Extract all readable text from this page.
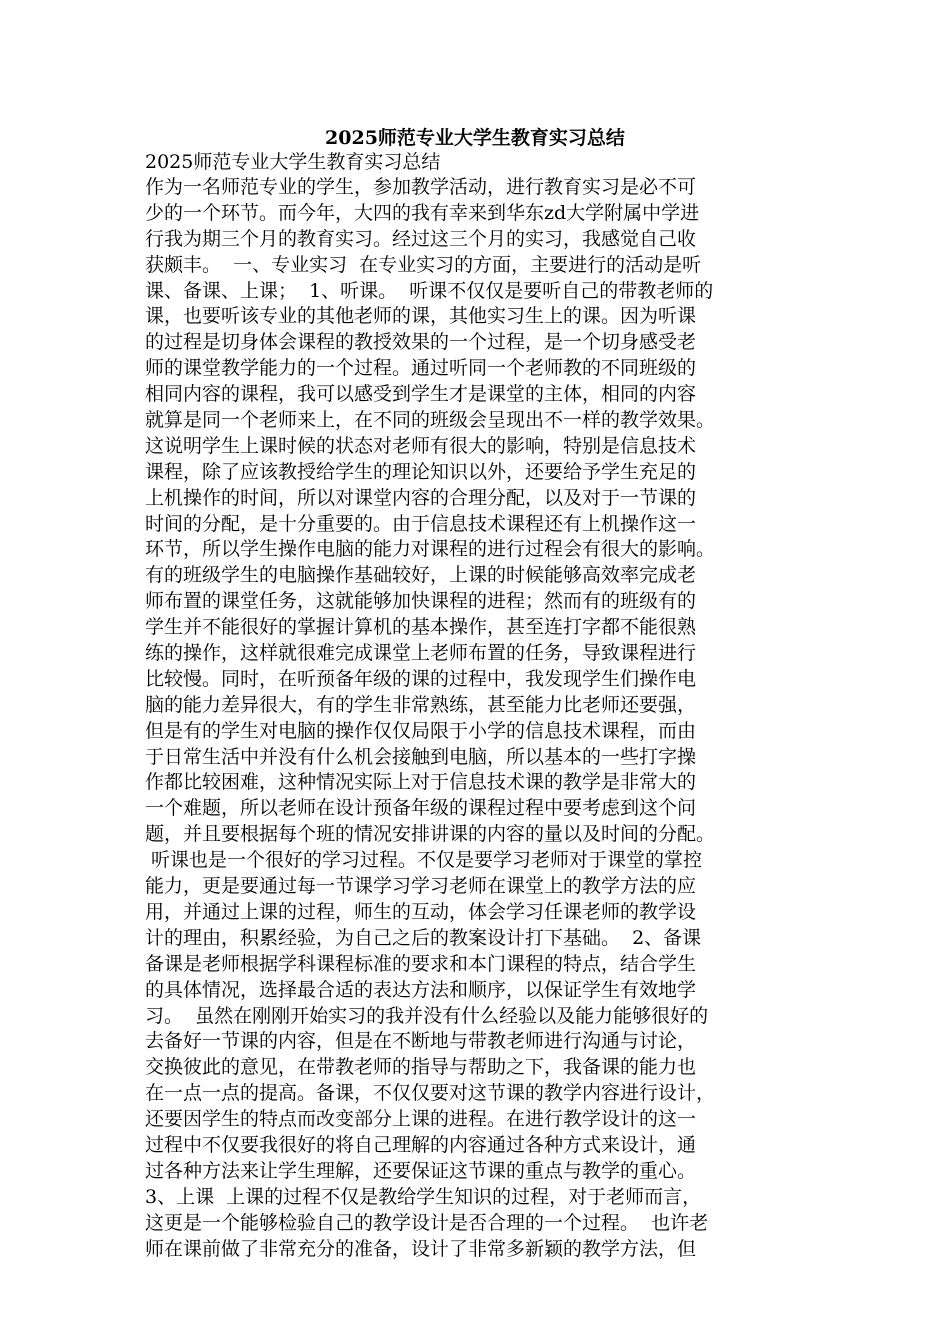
2025师范专业大学生教育实习总结

2025师范专业大学生教育实习总结

作为一名师范专业的学生，参加教学活动，进行教育实习是必不可
少的一个环节。而今年，大四的我有幸来到华东zd大学附属中学进
行我为期三个月的教育实习。经过这三个月的实习，我感觉自己收
获颇丰。  一、专业实习  在专业实习的方面，主要进行的活动是听
课、备课、上课；  1、听课。  听课不仅仅是要听自己的带教老师的
课，也要听该专业的其他老师的课，其他实习生上的课。因为听课
的过程是切身体会课程的教授效果的一个过程，是一个切身感受老
师的课堂教学能力的一个过程。通过听同一个老师教的不同班级的
相同内容的课程，我可以感受到学生才是课堂的主体，相同的内容
就算是同一个老师来上，在不同的班级会呈现出不一样的教学效果。
这说明学生上课时候的状态对老师有很大的影响，特别是信息技术
课程，除了应该教授给学生的理论知识以外，还要给予学生充足的
上机操作的时间，所以对课堂内容的合理分配，以及对于一节课的
时间的分配，是十分重要的。由于信息技术课程还有上机操作这一
环节，所以学生操作电脑的能力对课程的进行过程会有很大的影响。
有的班级学生的电脑操作基础较好，上课的时候能够高效率完成老
师布置的课堂任务，这就能够加快课程的进程；然而有的班级有的
学生并不能很好的掌握计算机的基本操作，甚至连打字都不能很熟
练的操作，这样就很难完成课堂上老师布置的任务，导致课程进行
比较慢。同时，在听预备年级的课的过程中，我发现学生们操作电
脑的能力差异很大，有的学生非常熟练，甚至能力比老师还要强，
但是有的学生对电脑的操作仅仅局限于小学的信息技术课程，而由
于日常生活中并没有什么机会接触到电脑，所以基本的一些打字操
作都比较困难，这种情况实际上对于信息技术课的教学是非常大的
一个难题，所以老师在设计预备年级的课程过程中要考虑到这个问
题，并且要根据每个班的情况安排讲课的内容的量以及时间的分配。
听课也是一个很好的学习过程。不仅是要学习老师对于课堂的掌控
能力，更是要通过每一节课学习学习老师在课堂上的教学方法的应
用，并通过上课的过程，师生的互动，体会学习任课老师的教学设
计的理由，积累经验，为自己之后的教案设计打下基础。  2、备课
备课是老师根据学科课程标准的要求和本门课程的特点，结合学生
的具体情况，选择最合适的表达方法和顺序，以保证学生有效地学
习。  虽然在刚刚开始实习的我并没有什么经验以及能力能够很好的
去备好一节课的内容，但是在不断地与带教老师进行沟通与讨论，
交换彼此的意见，在带教老师的指导与帮助之下，我备课的能力也
在一点一点的提高。备课，不仅仅要对这节课的教学内容进行设计，
还要因学生的特点而改变部分上课的进程。在进行教学设计的这一
过程中不仅要我很好的将自己理解的内容通过各种方式来设计，通
过各种方法来让学生理解，还要保证这节课的重点与教学的重心。
3、上课  上课的过程不仅是教给学生知识的过程，对于老师而言，
这更是一个能够检验自己的教学设计是否合理的一个过程。  也许老
师在课前做了非常充分的准备，设计了非常多新颖的教学方法，但
